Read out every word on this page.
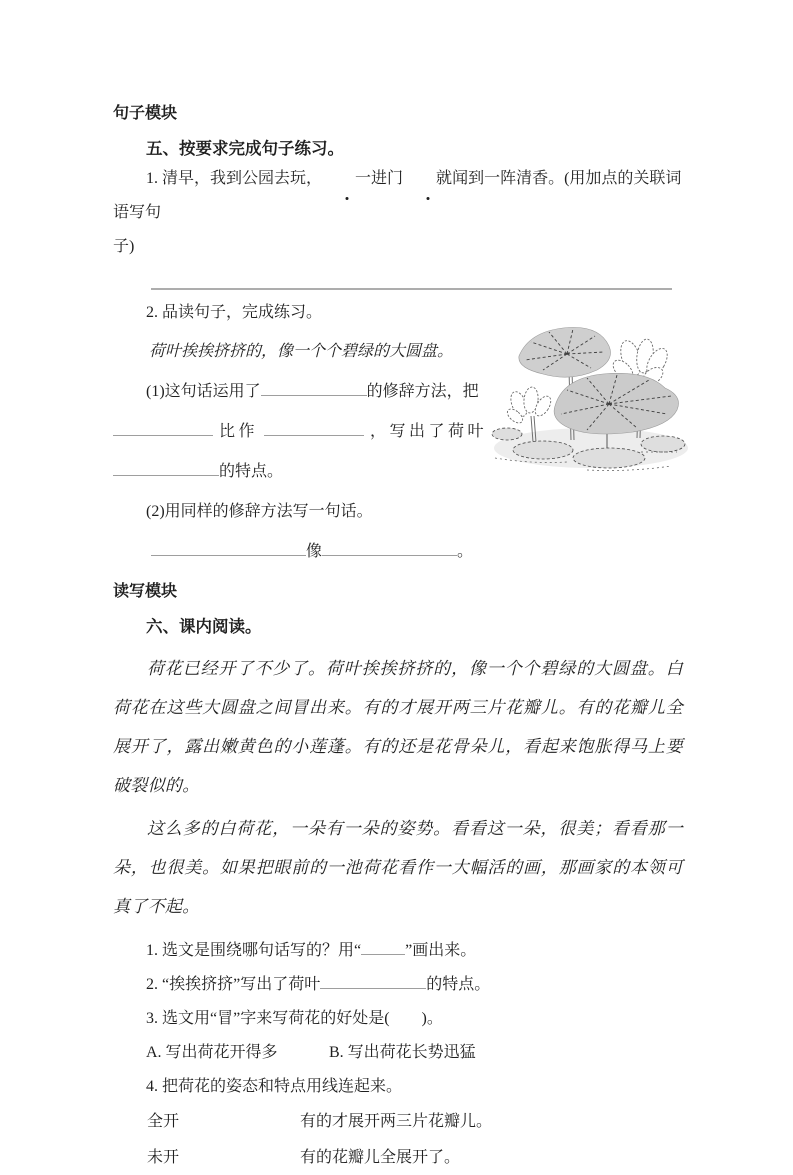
句子模块
五、按要求完成句子练习。
1. 清早，我到公园去玩， 一进门 就闻到一阵清香。(用加点的关联词语写句
子)
2. 品读句子，完成练习。
荷叶挨挨挤挤的，像一个个碧绿的大圆盘。
(1)这句话运用了	的修辞方法，把
比作	，写出了荷叶
的特点。
(2)用同样的修辞方法写一句话。
像	。
读写模块
六、课内阅读。

荷花已经开了不少了。荷叶挨挨挤挤的，像一个个碧绿的大圆盘。白荷花在这些大圆盘之间冒出来。有的才展开两三片花瓣儿。有的花瓣儿全展开了，露出嫩黄色的小莲蓬。有的还是花骨朵儿，看起来饱胀得马上要破裂似的。

这么多的白荷花，一朵有一朵的姿势。看看这一朵，很美；看看那一朵，也很美。如果把眼前的一池荷花看作一大幅活的画，那画家的本领可真了不起。

1. 选文是围绕哪句话写的？用“	”画出来。
2. “挨挨挤挤”写出了荷叶	的特点。
3. 选文用“冒”字来写荷花的好处是(　　)。
A. 写出荷花开得多	B. 写出荷花长势迅猛
4. 把荷花的姿态和特点用线连起来。
全开	有的才展开两三片花瓣儿。
未开	有的花瓣儿全展开了。
